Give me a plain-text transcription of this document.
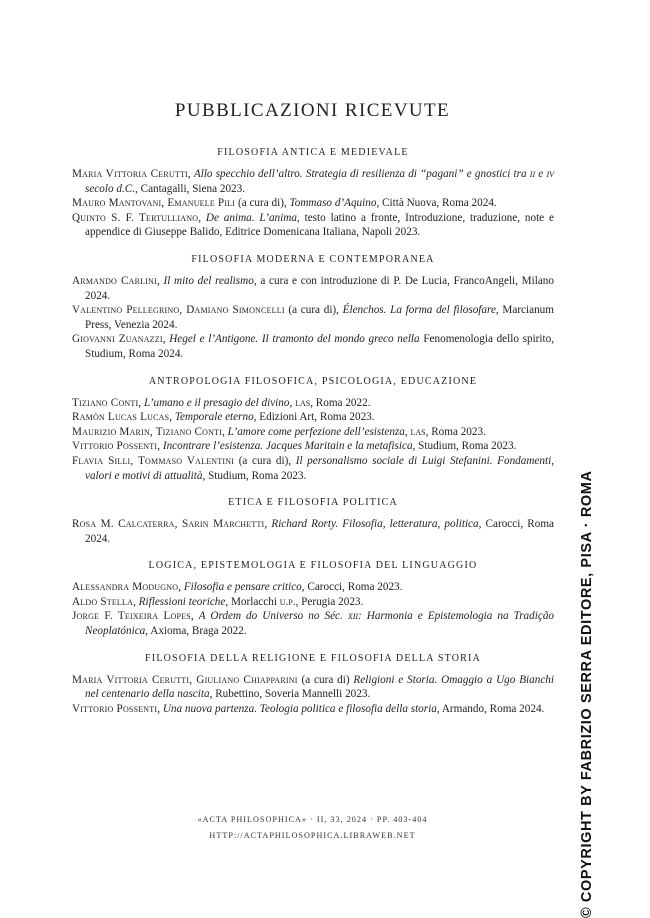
PUBBLICAZIONI RICEVUTE
FILOSOFIA ANTICA E MEDIEVALE

Maria Vittoria Cerutti, Allo specchio dell’altro. Strategia di resilienza di “pagani” e gnostici tra ii e iv secolo d.C., Cantagalli, Siena 2023.

Mauro Mantovani, Emanuele Pili (a cura di), Tommaso d’Aquino, Città Nuova, Roma 2024.

Quinto S. F. Tertulliano, De anima. L’anima, testo latino a fronte, Introduzione, traduzione, note e appendice di Giuseppe Balido, Editrice Domenicana Italiana, Napoli 2023.

FILOSOFIA MODERNA E CONTEMPORANEA

Armando Carlini, Il mito del realismo, a cura e con introduzione di P. De Lucia, FrancoAngeli, Milano 2024.

Valentino Pellegrino, Damiano Simoncelli (a cura di), Élenchos. La forma del filosofare, Marcianum Press, Venezia 2024.

Giovanni Zuanazzi, Hegel e l’Antigone. Il tramonto del mondo greco nella Fenomenologia dello spirito, Studium, Roma 2024.

ANTROPOLOGIA FILOSOFICA, PSICOLOGIA, EDUCAZIONE

Tiziano Conti, L’umano e il presagio del divino, las, Roma 2022.

Ramòn Lucas Lucas, Temporale eterno, Edizioni Art, Roma 2023.

Maurizio Marin, Tiziano Conti, L’amore come perfezione dell’esistenza, las, Roma 2023.

Vittorio Possenti, Incontrare l’esistenza. Jacques Maritain e la metafisica, Studium, Roma 2023.

Flavia Silli, Tommaso Valentini (a cura di), Il personalismo sociale di Luigi Stefanini. Fondamenti, valori e motivi di attualità, Studium, Roma 2023.

ETICA E FILOSOFIA POLITICA

Rosa M. Calcaterra, Sarin Marchetti, Richard Rorty. Filosofia, letteratura, politica, Carocci, Roma 2024.

LOGICA, EPISTEMOLOGIA E FILOSOFIA DEL LINGUAGGIO

Alessandra Modugno, Filosofia e pensare critico, Carocci, Roma 2023.

Aldo Stella, Riflessioni teoriche, Morlacchi u.p., Perugia 2023.

Jorge F. Teixeira Lopes, A Ordem do Universo no Séc. xii: Harmonia e Epistemologia na Tradição Neoplatónica, Axioma, Braga 2022.

FILOSOFIA DELLA RELIGIONE E FILOSOFIA DELLA STORIA

Maria Vittoria Cerutti, Giuliano Chiapparini (a cura di) Religioni e Storia. Omaggio a Ugo Bianchi nel centenario della nascita, Rubettino, Soveria Mannelli 2023.

Vittorio Possenti, Una nuova partenza. Teologia politica e filosofia della storia, Armando, Roma 2024.

«ACTA PHILOSOPHICA» · II, 33, 2024 · PP. 403-404
HTTP://ACTAPHILOSOPHICA.LIBRAWEB.NET	© COPYRIGHT BY FABRIZIO SERRA EDITORE, PISA · ROMA
